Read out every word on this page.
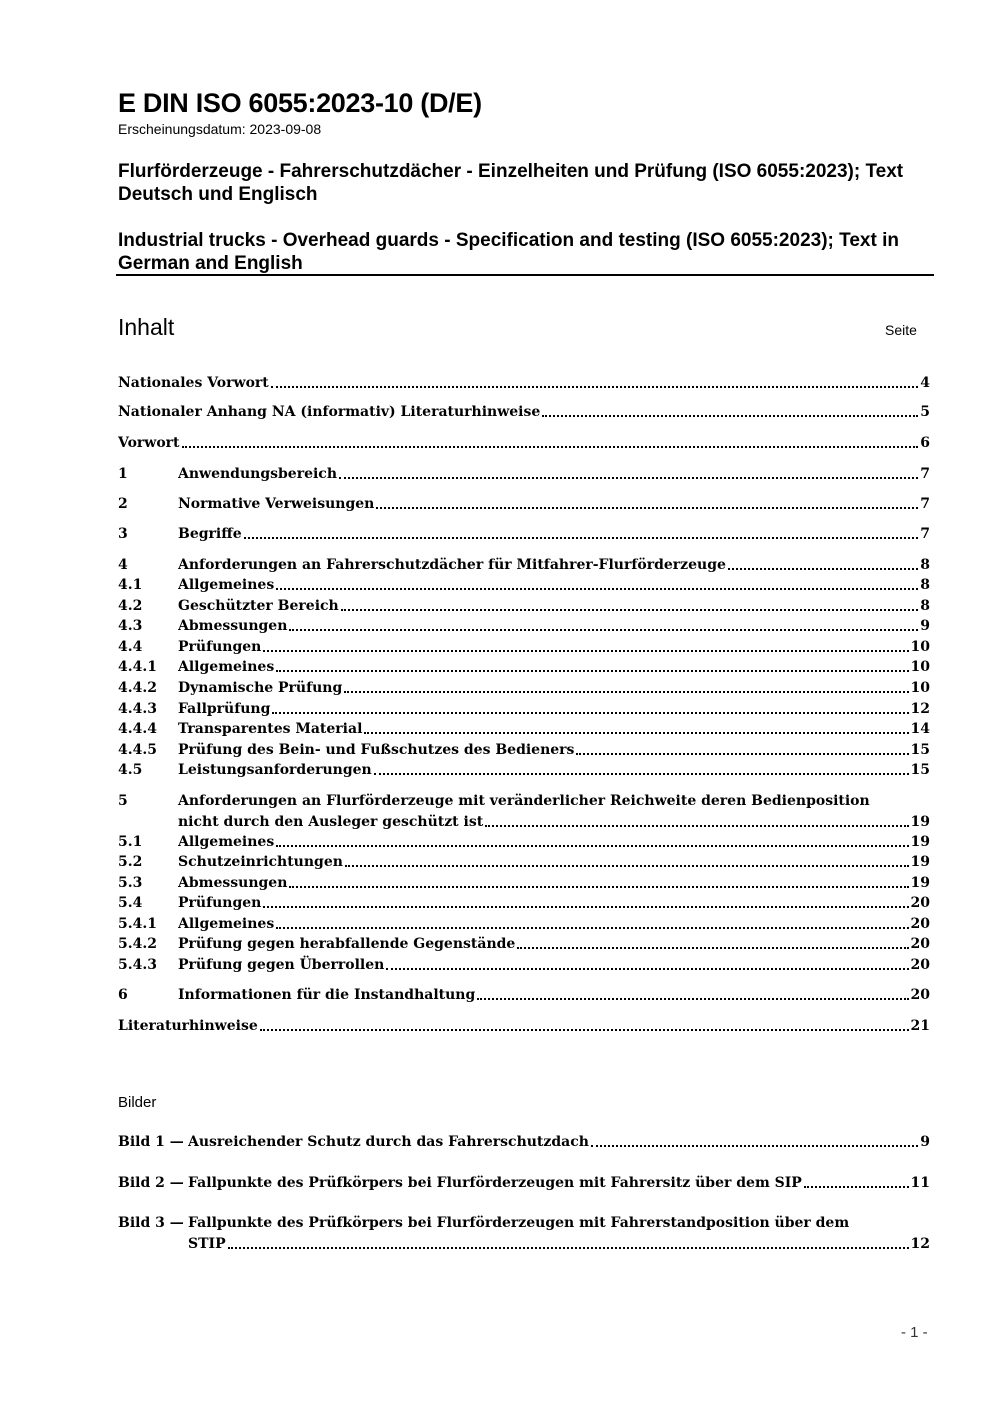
E DIN ISO 6055:2023-10 (D/E)
Erscheinungsdatum: 2023-09-08
Flurförderzeuge - Fahrerschutzdächer - Einzelheiten und Prüfung (ISO 6055:2023); Text Deutsch und Englisch
Industrial trucks - Overhead guards - Specification and testing (ISO 6055:2023); Text in German and English
Inhalt	Seite
Nationales Vorwort	4
Nationaler Anhang NA (informativ) Literaturhinweise	5
Vorwort	6
1	Anwendungsbereich	7
2	Normative Verweisungen	7
3	Begriffe	7
4	Anforderungen an Fahrerschutzdächer für Mitfahrer-Flurförderzeuge	8
4.1	Allgemeines	8
4.2	Geschützter Bereich	8
4.3	Abmessungen	9
4.4	Prüfungen	10
4.4.1 Allgemeines	10
4.4.2 Dynamische Prüfung	10
4.4.3 Fallprüfung	12
4.4.4 Transparentes Material	14
4.4.5 Prüfung des Bein- und Fußschutzes des Bedieners	15
4.5	Leistungsanforderungen	15
5	Anforderungen an Flurförderzeuge mit veränderlicher Reichweite deren Bedienposition
nicht durch den Ausleger geschützt ist	19
5.1	Allgemeines	19
5.2	Schutzeinrichtungen	19
5.3	Abmessungen	19
5.4	Prüfungen	20
5.4.1 Allgemeines	20
5.4.2 Prüfung gegen herabfallende Gegenstände	20
5.4.3 Prüfung gegen Überrollen	20
6	Informationen für die Instandhaltung	20
Literaturhinweise	21
Bilder
Bild 1 — Ausreichender Schutz durch das Fahrerschutzdach	9
Bild 2 — Fallpunkte des Prüfkörpers bei Flurförderzeugen mit Fahrersitz über dem SIP	11
Bild 3 — Fallpunkte des Prüfkörpers bei Flurförderzeugen mit Fahrerstandposition über dem
STIP	12
- 1 -
